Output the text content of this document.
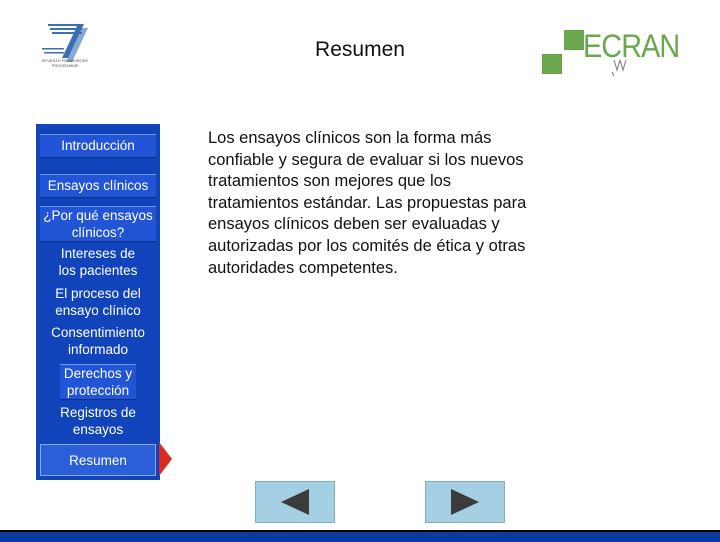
SEVENTH FRAMEWORK PROGRAMME
Resumen	ECRAN
Introducción
Ensayos clínicos
¿Por qué ensayos clínicos?
Intereses de los pacientes
El proceso del ensayo clínico
Consentimiento informado
Derechos y protección
Registros de ensayos
Resumen
Los ensayos clínicos son la forma más confiable y segura de evaluar si los nuevos tratamientos son mejores que los tratamientos estándar. Las propuestas para ensayos clínicos deben ser evaluadas y autorizadas por los comités de ética y otras autoridades competentes.
